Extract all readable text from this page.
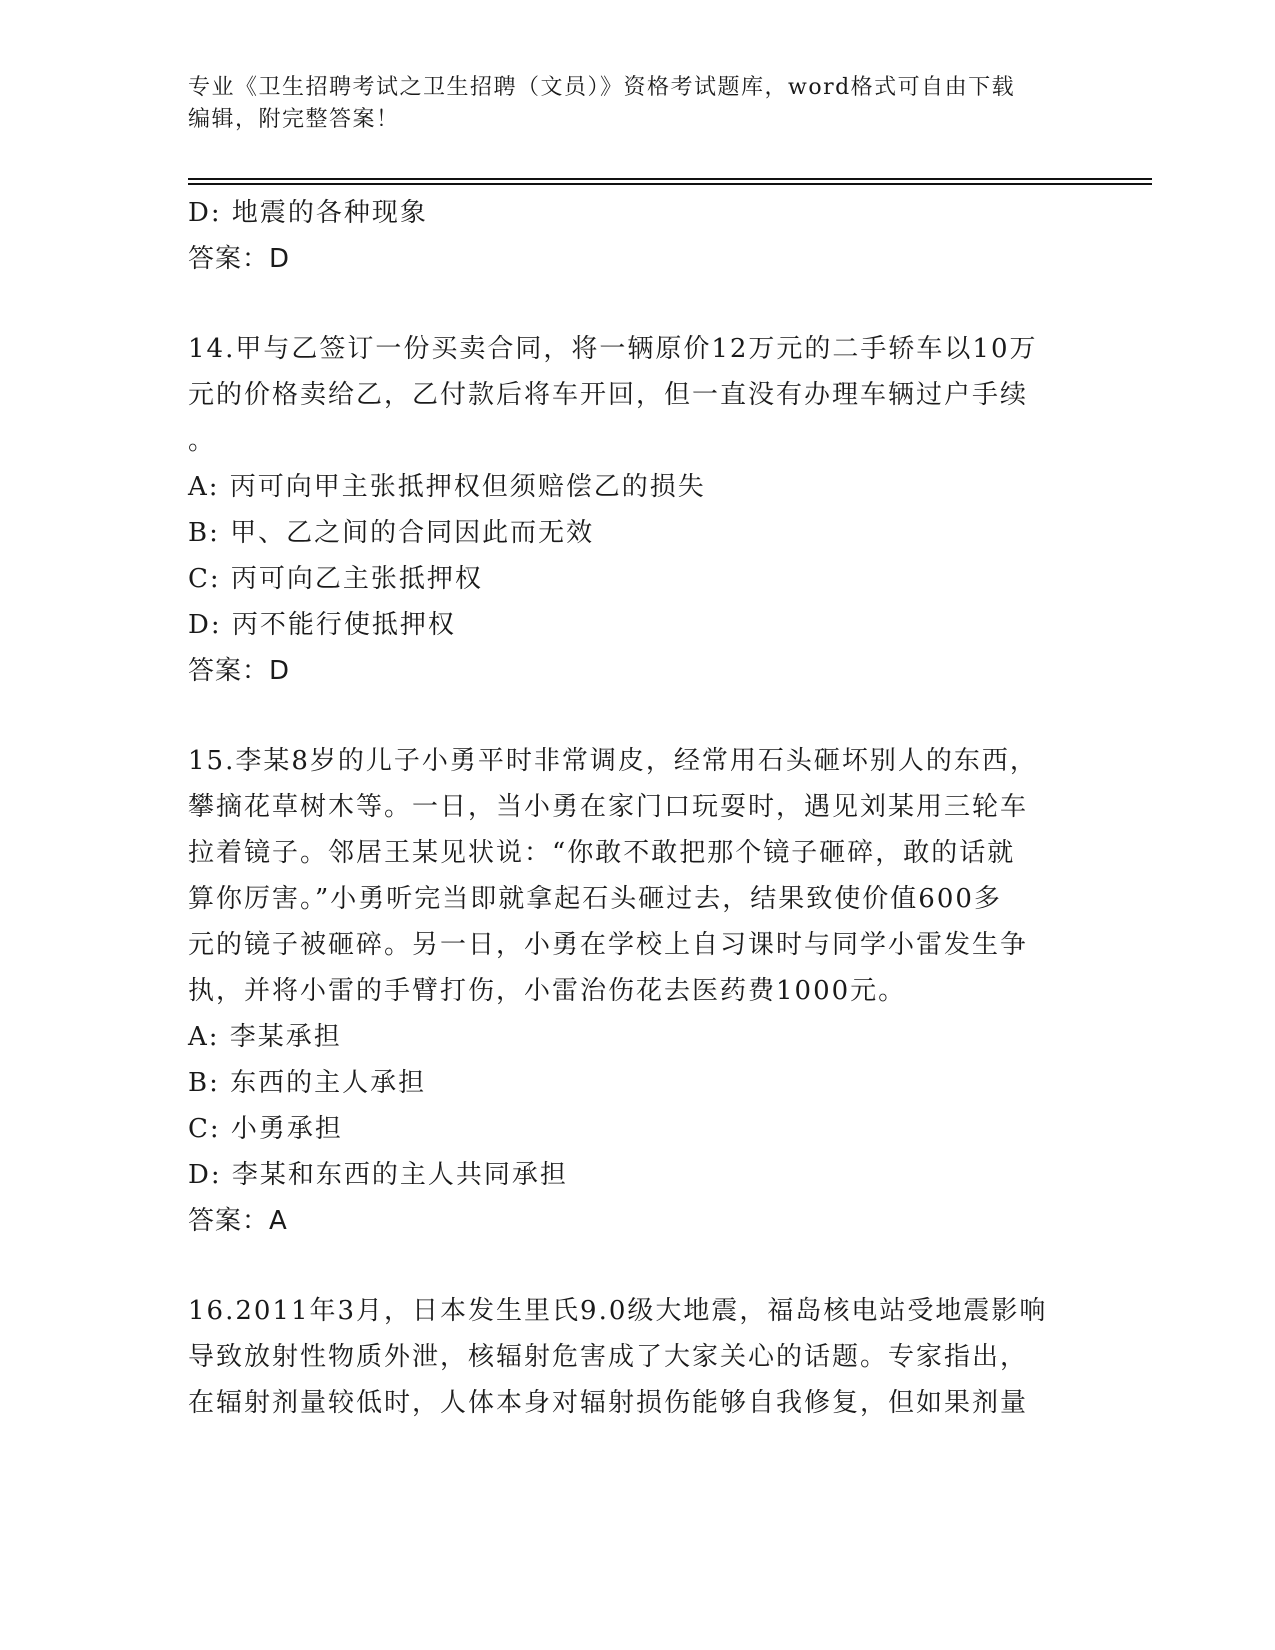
专业《卫生招聘考试之卫生招聘（文员）》资格考试题库，word格式可自由下载
编辑，附完整答案！
D: 地震的各种现象
答案：D
14.甲与乙签订一份买卖合同，将一辆原价12万元的二手轿车以10万
元的价格卖给乙，乙付款后将车开回，但一直没有办理车辆过户手续
。
A: 丙可向甲主张抵押权但须赔偿乙的损失
B: 甲、乙之间的合同因此而无效
C: 丙可向乙主张抵押权
D: 丙不能行使抵押权
答案：D
15.李某8岁的儿子小勇平时非常调皮，经常用石头砸坏别人的东西，
攀摘花草树木等。一日，当小勇在家门口玩耍时，遇见刘某用三轮车
拉着镜子。邻居王某见状说：“你敢不敢把那个镜子砸碎，敢的话就
算你厉害。”小勇听完当即就拿起石头砸过去，结果致使价值600多
元的镜子被砸碎。另一日，小勇在学校上自习课时与同学小雷发生争
执，并将小雷的手臂打伤，小雷治伤花去医药费1000元。
A: 李某承担
B: 东西的主人承担
C: 小勇承担
D: 李某和东西的主人共同承担
答案：A
16.2011年3月，日本发生里氏9.0级大地震，福岛核电站受地震影响
导致放射性物质外泄，核辐射危害成了大家关心的话题。专家指出，
在辐射剂量较低时，人体本身对辐射损伤能够自我修复，但如果剂量
